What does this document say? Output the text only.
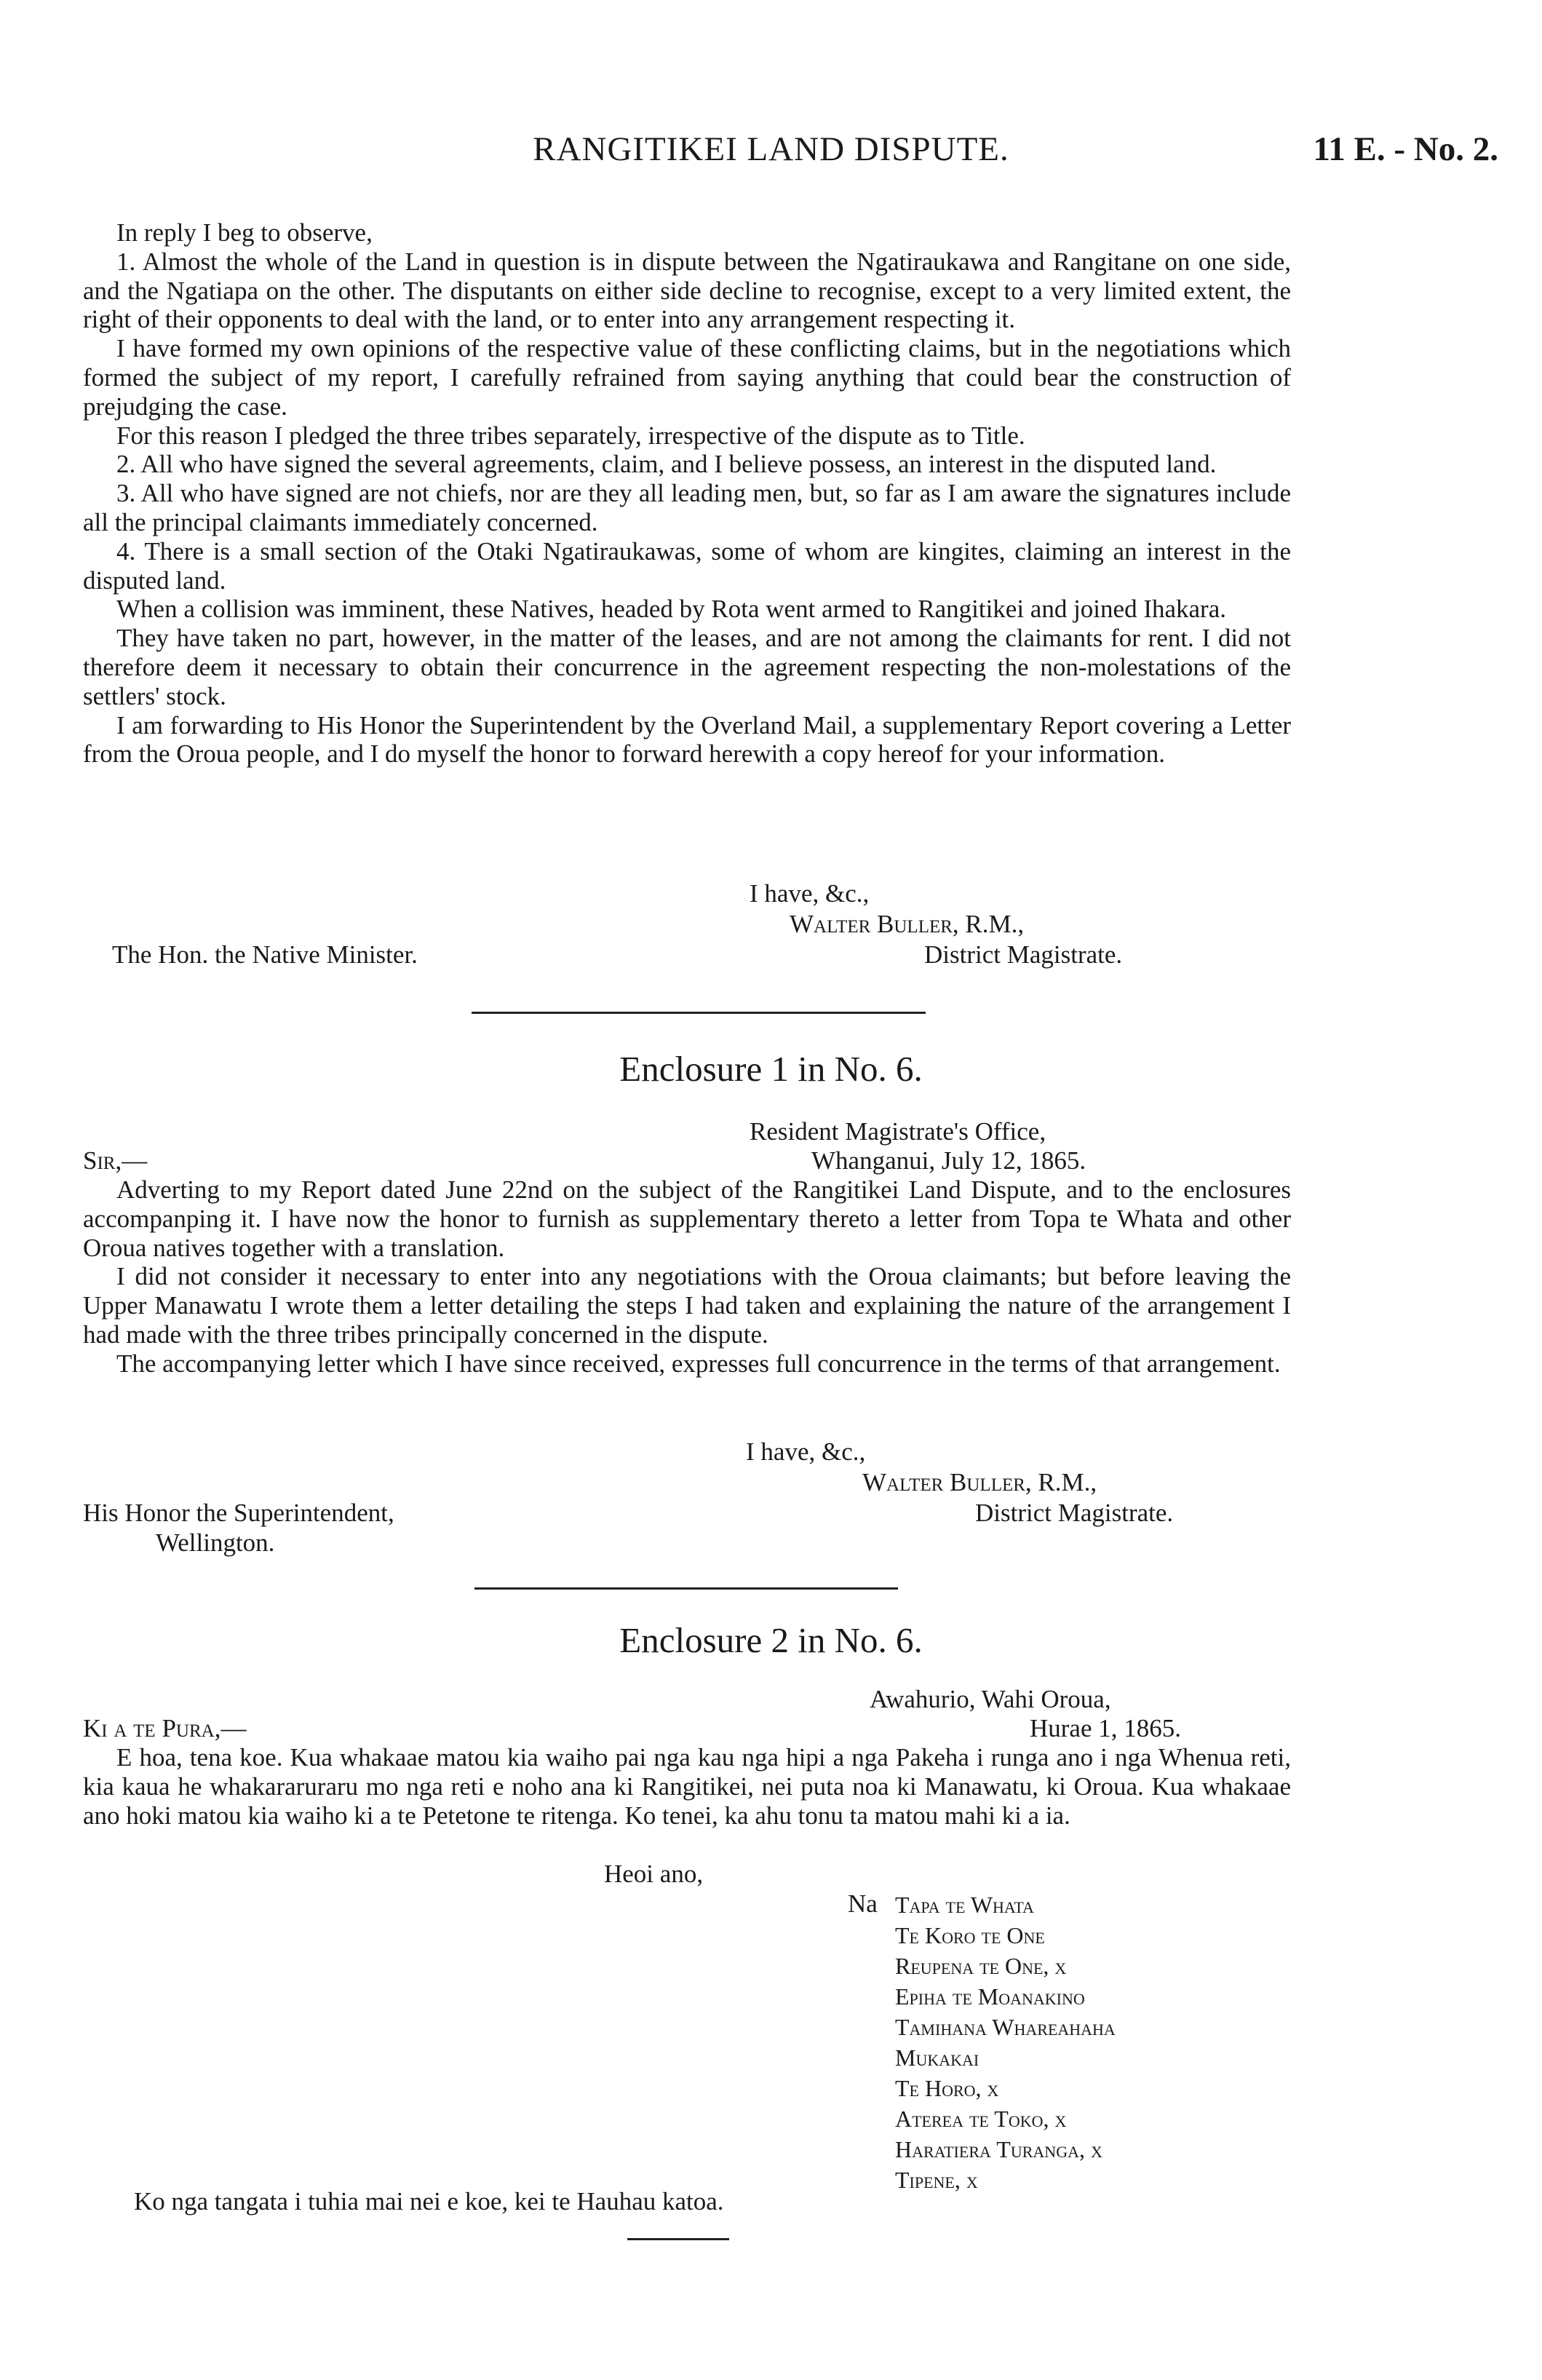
RANGITIKEI LAND DISPUTE.	11 E. - No. 2.

In reply I beg to observe,

1. Almost the whole of the Land in question is in dispute between the Ngatiraukawa and Rangitane on one side, and the Ngatiapa on the other. The disputants on either side decline to recognise, except to a very limited extent, the right of their opponents to deal with the land, or to enter into any arrangement respecting it.

I have formed my own opinions of the respective value of these conflicting claims, but in the negotiations which formed the subject of my report, I carefully refrained from saying anything that could bear the construction of prejudging the case.

For this reason I pledged the three tribes separately, irrespective of the dispute as to Title.

2. All who have signed the several agreements, claim, and I believe possess, an interest in the disputed land.

3. All who have signed are not chiefs, nor are they all leading men, but, so far as I am aware the signatures include all the principal claimants immediately concerned.

4. There is a small section of the Otaki Ngatiraukawas, some of whom are kingites, claiming an interest in the disputed land.

When a collision was imminent, these Natives, headed by Rota went armed to Rangitikei and joined Ihakara.

They have taken no part, however, in the matter of the leases, and are not among the claimants for rent. I did not therefore deem it necessary to obtain their concurrence in the agreement respecting the non-molestations of the settlers' stock.

I am forwarding to His Honor the Superintendent by the Overland Mail, a supplementary Report covering a Letter from the Oroua people, and I do myself the honor to forward herewith a copy hereof for your information.

I have, &c.,
Walter Buller, R.M.,
The Hon. the Native Minister.	District Magistrate.
Enclosure 1 in No. 6.
Resident Magistrate's Office,
Sir,—	Whanganui, July 12, 1865.

Adverting to my Report dated June 22nd on the subject of the Rangitikei Land Dispute, and to the enclosures accompanping it. I have now the honor to furnish as supplementary thereto a letter from Topa te Whata and other Oroua natives together with a translation.

I did not consider it necessary to enter into any negotiations with the Oroua claimants; but before leaving the Upper Manawatu I wrote them a letter detailing the steps I had taken and explaining the nature of the arrangement I had made with the three tribes principally concerned in the dispute.

The accompanying letter which I have since received, expresses full concurrence in the terms of that arrangement.

I have, &c.,
Walter Buller, R.M.,
His Honor the Superintendent,	District Magistrate.
Wellington.
Enclosure 2 in No. 6.
Awahurio, Wahi Oroua,
Ki a te Pura,—	Hurae 1, 1865.

E hoa, tena koe. Kua whakaae matou kia waiho pai nga kau nga hipi a nga Pakeha i runga ano i nga Whenua reti, kia kaua he whakararuraru mo nga reti e noho ana ki Rangitikei, nei puta noa ki Manawatu, ki Oroua. Kua whakaae ano hoki matou kia waiho ki a te Petetone te ritenga. Ko tenei, ka ahu tonu ta matou mahi ki a ia.

Heoi ano,
Na Tapa te Whata
Te Koro te One
Reupena te One, x
Epiha te Moanakino
Tamihana Whareahaha
Mukakai
Te Horo, x
Aterea te Toko, x
Haratiera Turanga, x
Tipene, x
Ko nga tangata i tuhia mai nei e koe, kei te Hauhau katoa.
